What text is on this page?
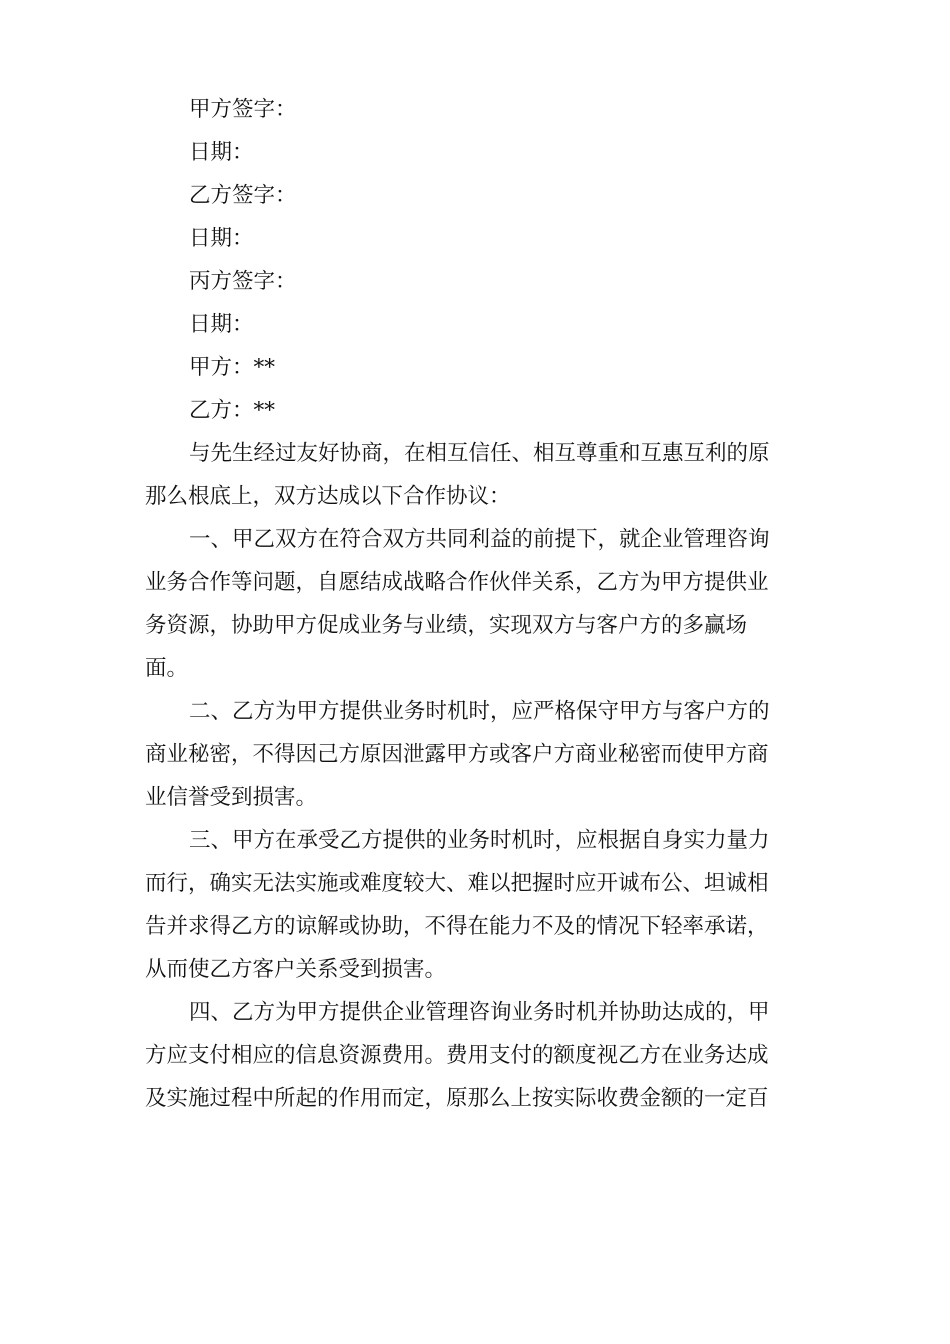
甲方签字：
日期：
乙方签字：
日期：
丙方签字：
日期：
甲方：**
乙方：**
与先生经过友好协商，在相互信任、相互尊重和互惠互利的原
那么根底上，双方达成以下合作协议：
一、甲乙双方在符合双方共同利益的前提下，就企业管理咨询
业务合作等问题，自愿结成战略合作伙伴关系，乙方为甲方提供业
务资源，协助甲方促成业务与业绩，实现双方与客户方的多赢场
面。
二、乙方为甲方提供业务时机时，应严格保守甲方与客户方的
商业秘密，不得因己方原因泄露甲方或客户方商业秘密而使甲方商
业信誉受到损害。
三、甲方在承受乙方提供的业务时机时，应根据自身实力量力
而行，确实无法实施或难度较大、难以把握时应开诚布公、坦诚相
告并求得乙方的谅解或协助，不得在能力不及的情况下轻率承诺，
从而使乙方客户关系受到损害。
四、乙方为甲方提供企业管理咨询业务时机并协助达成的，甲
方应支付相应的信息资源费用。费用支付的额度视乙方在业务达成
及实施过程中所起的作用而定，原那么上按实际收费金额的一定百
